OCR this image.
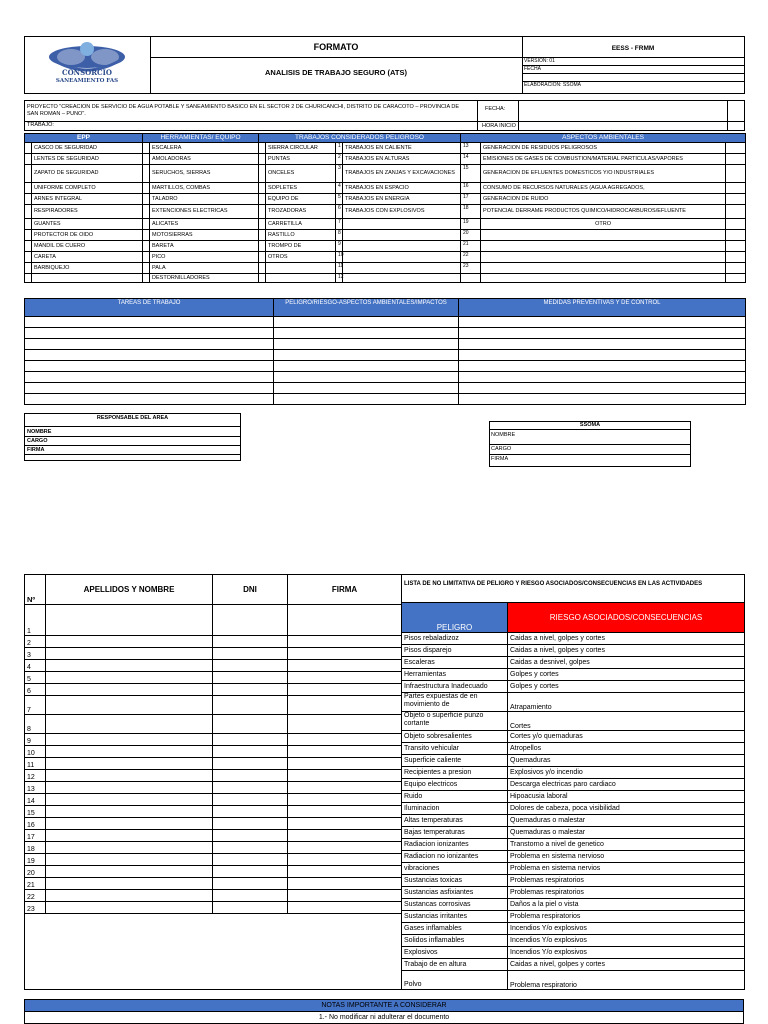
CONSORCIO
SANEAMIENTO FAS
FORMATO
ANALISIS DE TRABAJO SEGURO (ATS)
EESS - FRMM
VERSION: 01
FECHA
ELABORACION: SSOMA
PROYECTO "CREACION DE SERVICIO DE AGUA POTABLE Y SANEAMIENTO BASICO EN EL SECTOR 2 DE CHURICANCHI, DISTRITO DE CARACOTO – PROVINCIA DE SAN ROMAN – PUNO".
FECHA:
TRABAJO:	HORA INICIO
EPP		HERRAMIENTAS/ EQUIPO		TRABAJOS CONSIDERADOS PELIGROSO				ASPECTOS AMBIENTALES		
	CASCO DE SEGURIDAD		ESCALERA		SIERRA CIRCULAR	1	TRABAJOS EN CALIENTE	13	GENERACION DE RESIDUOS PELIGROSOS	
	LENTES DE SEGURIDAD		AMOLADORAS		PUNTAS	2	TRABAJOS EN ALTURAS	14	EMISIONES DE GASES DE COMBUSTION/MATERIAL PARTICULAS/VAPORES	
	ZAPATO DE SEGURIDAD		SERUCHOS, SIERRAS		ONCELES	3	TRABAJOS EN ZANJAS Y EXCAVACIONES	15	GENERACION DE EFLUENTES DOMESTICOS Y/O INDUSTRIALES	
	UNIFORME COMPLETO		MARTILLOS, COMBAS		SOPLETES	4	TRABAJOS EN ESPACIO	16	CONSUMO DE RECURSOS NATURALES (AGUA AGREGADOS,	
	ARNES INTEGRAL		TALADRO		EQUIPO DE	5	TRABAJOS EN ENERGIA	17	GENERACION DE RUIDO	
	RESPIRADORES		EXTENCIONES ELECTRICAS		TROZADORAS	6	TRABAJOS CON EXPLOSIVOS	18	POTENCIAL DERRAME PRODUCTOS QUIMICO/HIDROCARBUROS/EFLUENTE	
	GUANTES		ALICATES		CARRETILLA	7		19	OTRO	
	PROTECTOR DE OIDO		MOTOSIERRAS		RASTILLO	8		20		
	MANDIL DE CUERO		BARETA		TROMPO DE	9		21		
	CARETA		PICO		OTROS	10		22		
	BARBIQUEJO		PALA			11		23		
			DESTORNILLADORES			12				
TAREAS DE TRABAJO	PELIGRO/RIESGO-ASPECTOS AMBIENTALES/IMPACTOS	MEDIDAS PREVENTIVAS Y DE CONTROL

RESPONSABLE DEL AREA
NOMBRE
CARGO
FIRMA
SSOMA
NOMBRE
CARGO
FIRMA
Nº	APELLIDOS Y NOMBRE	DNI	FIRMA
1			
2			
3			
4			
5			
6			
7			
8			
9			
10			
11			
12			
13			
14			
15			
16			
17			
18			
19			
20			
21			
22			
23			

LISTA DE NO LIMITATIVA DE PELIGRO Y RIESGO ASOCIADOS/CONSECUENCIAS EN LAS ACTIVIDADES	
PELIGRO	RIESGO ASOCIADOS/CONSECUENCIAS
Pisos rebaladizoz	Caidas a nivel, golpes y cortes
Pisos disparejo	Caidas a nivel, golpes y cortes
Escaleras	Caidas a desnivel, golpes
Herramientas	Golpes y cortes
Infraestructura Inadecuado	Golpes y cortes
Partes expuestas de en movimiento de	Atrapamiento
Objeto o superficie punzo cortante	Cortes
Objeto sobresalientes	Cortes y/o quemaduras
Transito vehicular	Atropellos
Superficie caliente	Quemaduras
Recipientes a presion	Explosivos y/o incendio
Equipo electricos	Descarga electricas paro cardiaco
Ruido	Hipoacusia laboral
Iluminacion	Dolores de cabeza, poca visibilidad
Altas temperaturas	Quemaduras o malestar
Bajas temperaturas	Quemaduras o malestar
Radiacion ionizantes	Transtorno a nivel de genetico
Radiacion no ionizantes	Problema en sistema nervioso
vibraciones	Problema en sistema nervios
Sustancias toxicas	Problemas respiratorios
Sustancias asfixiantes	Problemas respiratorios
Sustancas corrosivas	Daños a la piel o vista
Sustancias irritantes	Problema respiratorios
Gases inflamables	Incendios Y/o explosivos
Solidos inflamables	Incendios Y/o explosivos
Explosivos	Incendios Y/o explosivos
Trabajo de en altura	Caidas a nivel, golpes y cortes
Polvo	Problema respiratorio
NOTAS IMPORTANTE A CONSIDERAR
1.- No modificar ni adulterar el documento
